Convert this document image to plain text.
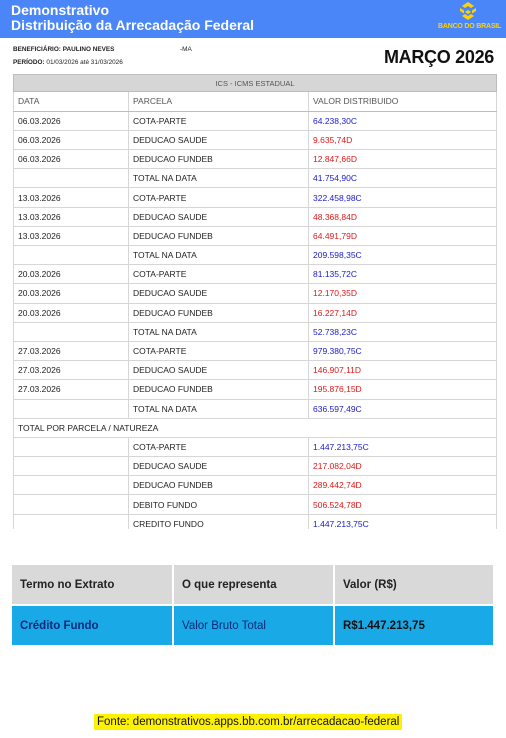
Demonstrativo
Distribuição da Arrecadação Federal	BANCO DO BRASIL
BENEFICIÁRIO: PAULINO NEVES	-MA
PERÍODO: 01/03/2026 até 31/03/2026	MARÇO 2026
ICS - ICMS ESTADUAL
DATA	PARCELA	VALOR DISTRIBUIDO
06.03.2026	COTA-PARTE	64.238,30C
06.03.2026	DEDUCAO SAUDE	9.635,74D
06.03.2026	DEDUCAO FUNDEB	12.847,66D
	TOTAL NA DATA	41.754,90C
13.03.2026	COTA-PARTE	322.458,98C
13.03.2026	DEDUCAO SAUDE	48.368,84D
13.03.2026	DEDUCAO FUNDEB	64.491,79D
	TOTAL NA DATA	209.598,35C
20.03.2026	COTA-PARTE	81.135,72C
20.03.2026	DEDUCAO SAUDE	12.170,35D
20.03.2026	DEDUCAO FUNDEB	16.227,14D
	TOTAL NA DATA	52.738,23C
27.03.2026	COTA-PARTE	979.380,75C
27.03.2026	DEDUCAO SAUDE	146.907,11D
27.03.2026	DEDUCAO FUNDEB	195.876,15D
	TOTAL NA DATA	636.597,49C
TOTAL POR PARCELA / NATUREZA		
	COTA-PARTE	1.447.213,75C
	DEDUCAO SAUDE	217.082,04D
	DEDUCAO FUNDEB	289.442,74D
	DEBITO FUNDO	506.524,78D
	CREDITO FUNDO	1.447.213,75C
Termo no Extrato	O que representa	Valor (R$)
Crédito Fundo	Valor Bruto Total	R$1.447.213,75
Fonte: demonstrativos.apps.bb.com.br/arrecadacao-federal
